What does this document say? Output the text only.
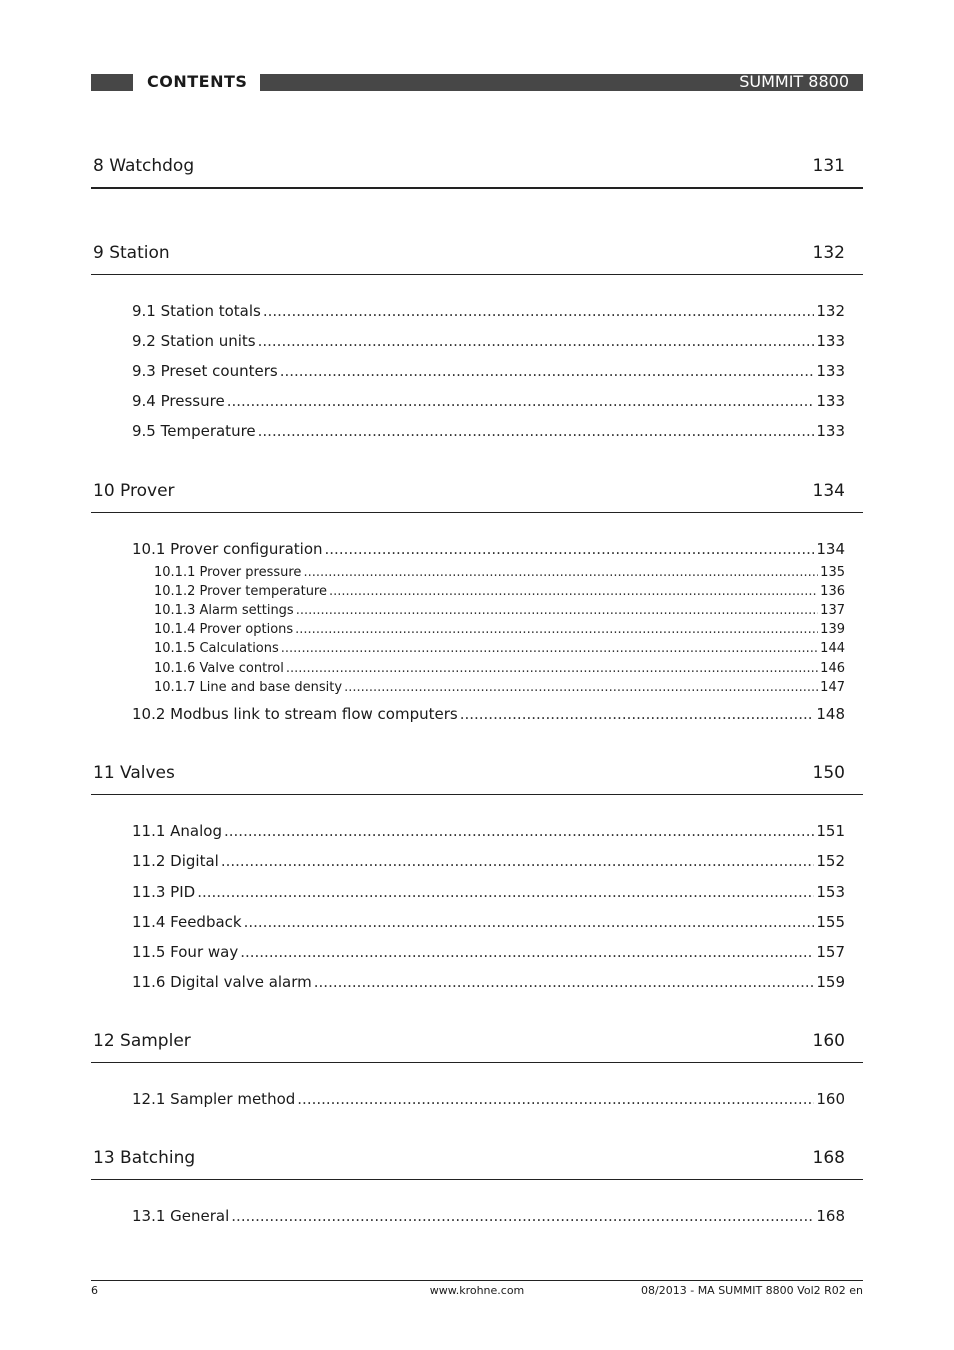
CONTENTS	SUMMIT 8800
8 Watchdog	131
9 Station	132
9.1 Station totals .....	132
9.2 Station units .....	133
9.3 Preset counters .....	133
9.4 Pressure .....	133
9.5 Temperature .....	133
10 Prover	134
10.1 Prover configuration .....	134
10.1.1 Prover pressure .....	135
10.1.2 Prover temperature .....	136
10.1.3 Alarm settings .....	137
10.1.4 Prover options .....	139
10.1.5 Calculations .....	144
10.1.6 Valve control .....	146
10.1.7 Line and base density .....	147
10.2 Modbus link to stream flow computers .....	148
11 Valves	150
11.1 Analog .....	151
11.2 Digital .....	152
11.3 PID .....	153
11.4 Feedback .....	155
11.5 Four way .....	157
11.6 Digital valve alarm .....	159
12 Sampler	160
12.1 Sampler method .....	160
13 Batching	168
13.1 General .....	168
6	www.krohne.com	08/2013 - MA SUMMIT 8800 Vol2 R02 en
